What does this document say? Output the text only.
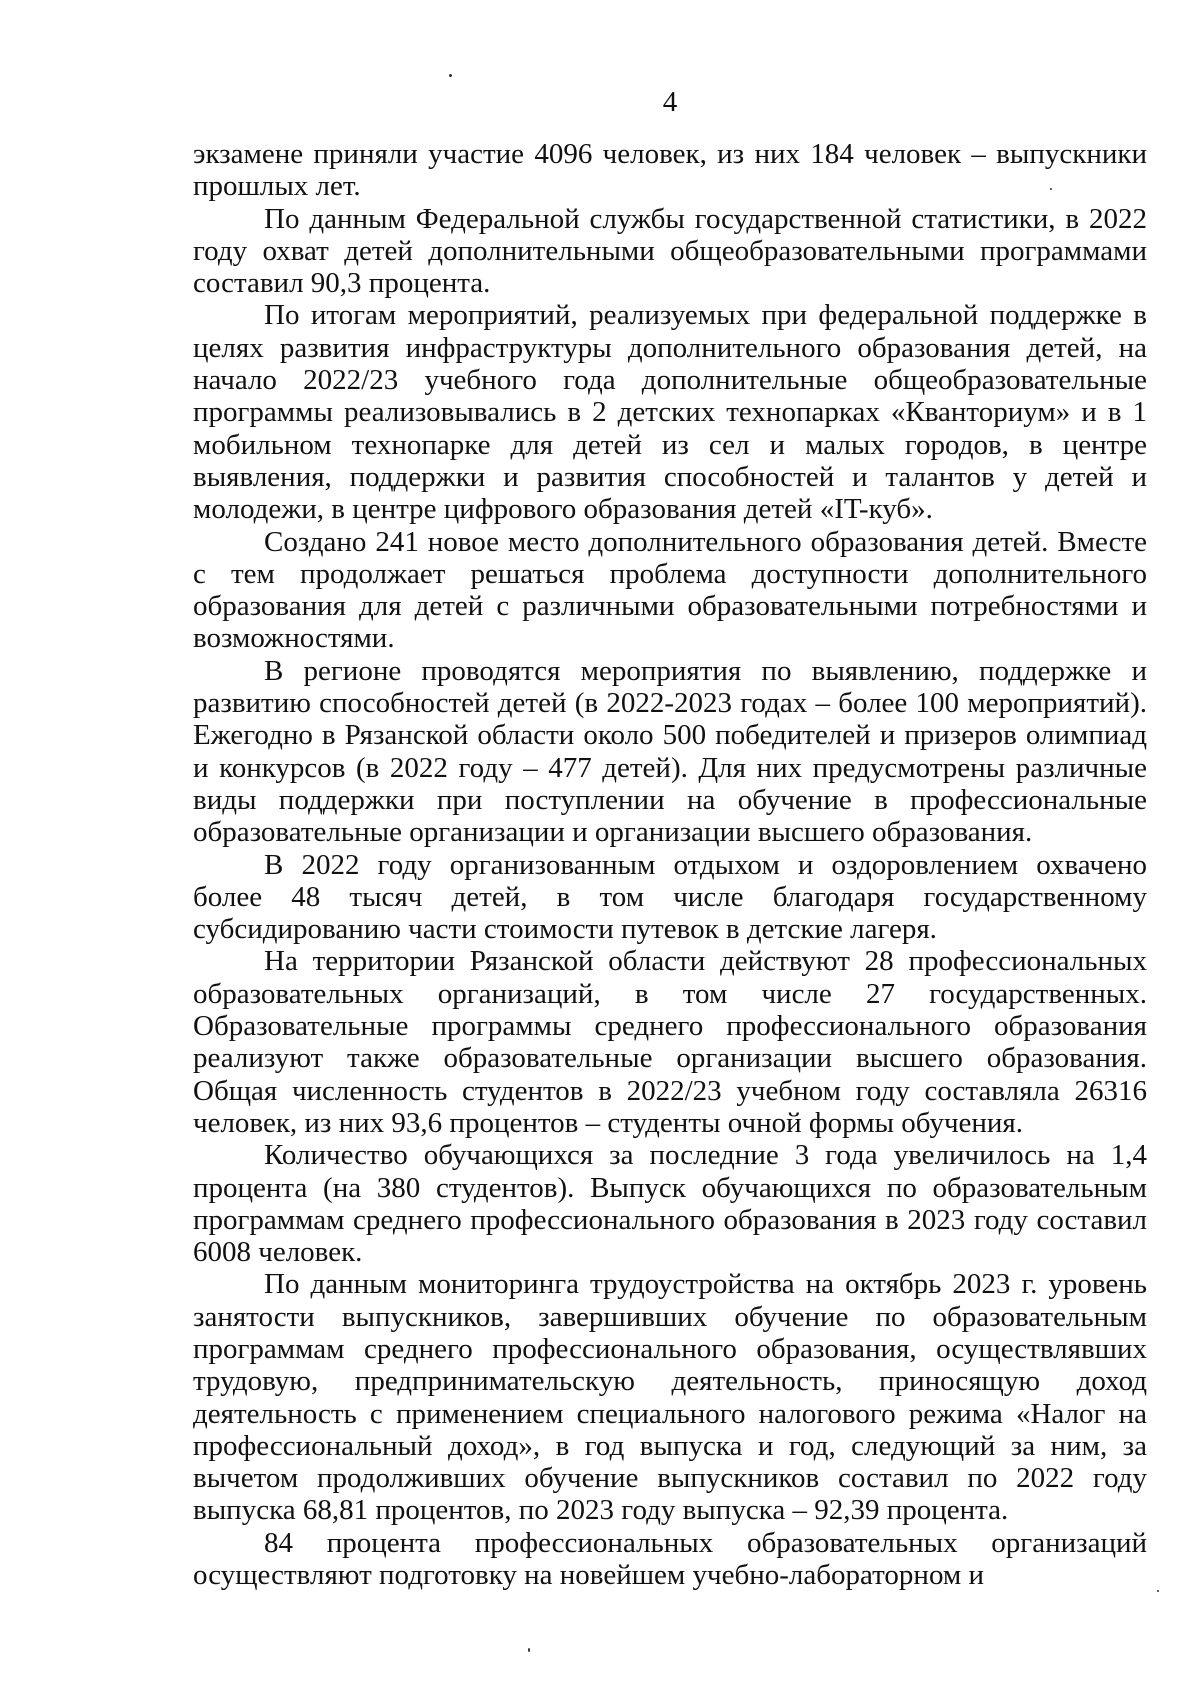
4

экзамене приняли участие 4096 человек, из них 184 человек – выпускники прошлых лет.

По данным Федеральной службы государственной статистики, в 2022 году охват детей дополнительными общеобразовательными программами составил 90,3 процента.

По итогам мероприятий, реализуемых при федеральной поддержке в целях развития инфраструктуры дополнительного образования детей, на начало 2022/23 учебного года дополнительные общеобразовательные программы реализовывались в 2 детских технопарках «Кванториум» и в 1 мобильном технопарке для детей из сел и малых городов, в центре выявления, поддержки и развития способностей и талантов у детей и молодежи, в центре цифрового образования детей «IT-куб».

Создано 241 новое место дополнительного образования детей. Вместе с тем продолжает решаться проблема доступности дополнительного образования для детей с различными образовательными потребностями и возможностями.

В регионе проводятся мероприятия по выявлению, поддержке и развитию способностей детей (в 2022-2023 годах – более 100 мероприятий). Ежегодно в Рязанской области около 500 победителей и призеров олимпиад и конкурсов (в 2022 году – 477 детей). Для них предусмотрены различные виды поддержки при поступлении на обучение в профессиональные образовательные организации и организации высшего образования.

В 2022 году организованным отдыхом и оздоровлением охвачено более 48 тысяч детей, в том числе благодаря государственному субсидированию части стоимости путевок в детские лагеря.

На территории Рязанской области действуют 28 профессиональных образовательных организаций, в том числе 27 государственных. Образовательные программы среднего профессионального образования реализуют также образовательные организации высшего образования. Общая численность студентов в 2022/23 учебном году составляла 26316 человек, из них 93,6 процентов – студенты очной формы обучения.

Количество обучающихся за последние 3 года увеличилось на 1,4 процента (на 380 студентов). Выпуск обучающихся по образовательным программам среднего профессионального образования в 2023 году составил 6008 человек.

По данным мониторинга трудоустройства на октябрь 2023 г. уровень занятости выпускников, завершивших обучение по образовательным программам среднего профессионального образования, осуществлявших трудовую, предпринимательскую деятельность, приносящую доход деятельность с применением специального налогового режима «Налог на профессиональный доход», в год выпуска и год, следующий за ним, за вычетом продолживших обучение выпускников составил по 2022 году выпуска 68,81 процентов, по 2023 году выпуска – 92,39 процента.

84 процента профессиональных образовательных организаций осуществляют подготовку на новейшем учебно-лабораторном и
